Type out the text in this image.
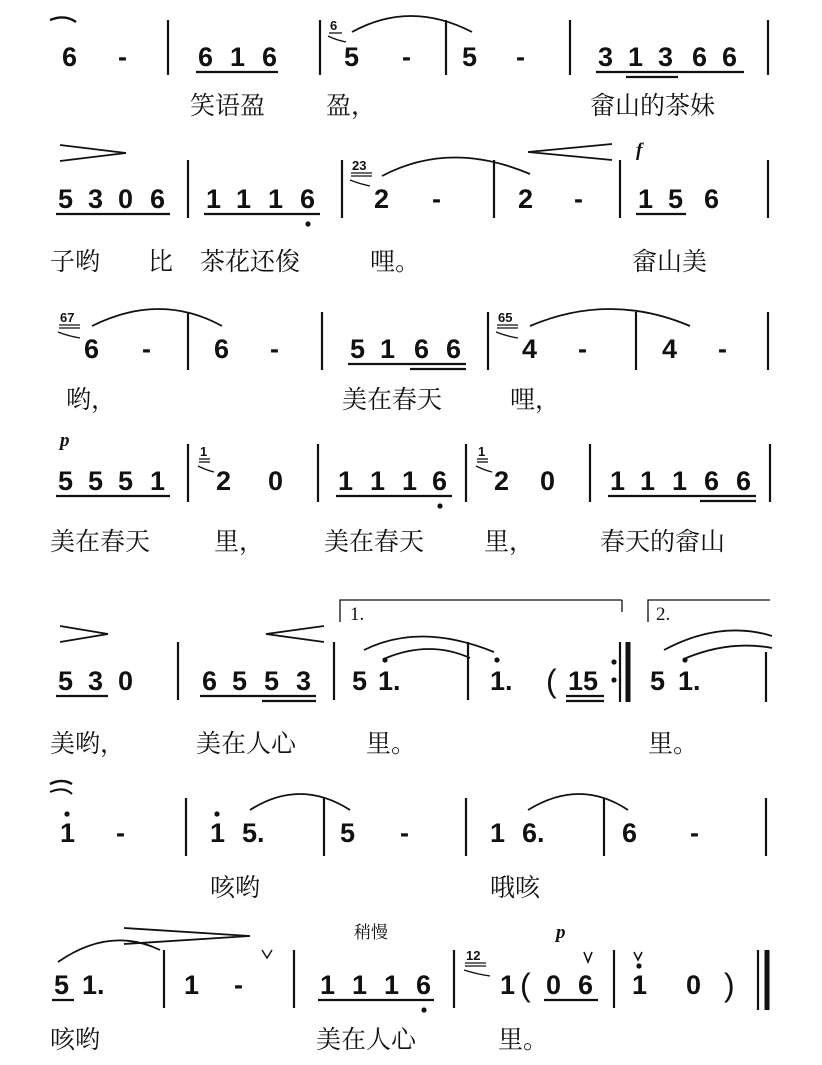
6 -	6 1 6
6
5 - 5 -	3 1 3 6 6
笑语盈 盈，	畲山的茶妹
5 3 0 6 1 1 1 6
23
2 -	2 -
f
1 5 6
子哟 比 茶花还俊	哩。	畲山美
67
6 - 6 -	5 1 6 6
65
4 -	4 -
哟，	美在春天	哩，
p
5 5 5 1
1
2 0 1 1 1 6
1
2 0 1 1 1 6 6
美在春天	里， 美在春天 里，	春天的畲山
5 3 0	6 5 5 3
1.
5 1.	1. ( 15
2.
5 1.
美哟，	美在人心	里。	里。
1 -	1 5.	5 -	1 6.	6 -
咳哟	哦咳
5 1.	1 -
稍慢
1 1 1 6
12
1 (
p
0 6 1 0 )
咳哟	美在人心	里。
